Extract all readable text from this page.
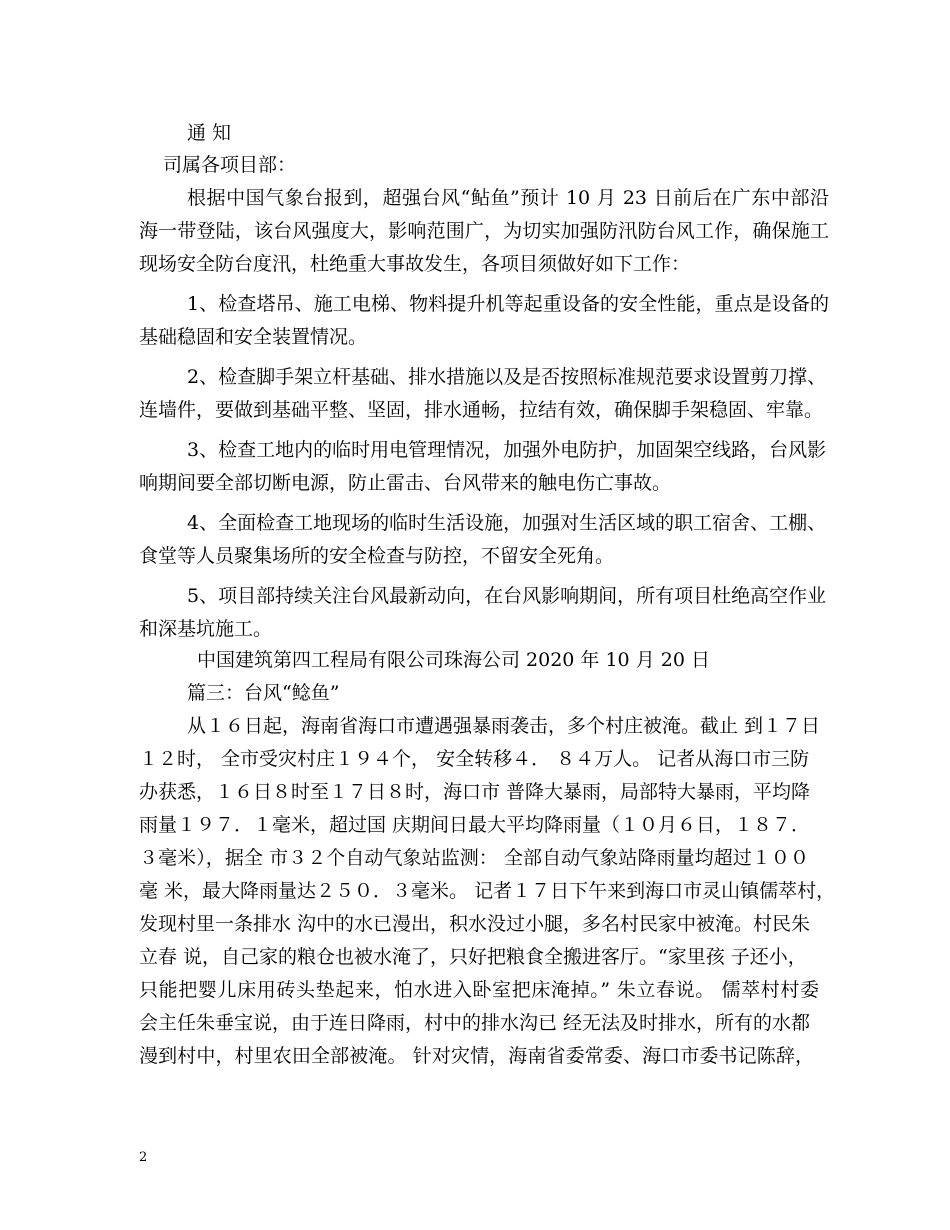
通 知
司属各项目部：
根据中国气象台报到，超强台风“鲇鱼”预计 10 月 23 日前后在广东中部沿
海一带登陆，该台风强度大，影响范围广，为切实加强防汛防台风工作，确保施工
现场安全防台度汛，杜绝重大事故发生，各项目须做好如下工作：
1、检查塔吊、施工电梯、物料提升机等起重设备的安全性能，重点是设备的
基础稳固和安全装置情况。
2、检查脚手架立杆基础、排水措施以及是否按照标准规范要求设置剪刀撑、
连墙件，要做到基础平整、坚固，排水通畅，拉结有效，确保脚手架稳固、牢靠。
3、检查工地内的临时用电管理情况，加强外电防护，加固架空线路，台风影
响期间要全部切断电源，防止雷击、台风带来的触电伤亡事故。
4、全面检查工地现场的临时生活设施，加强对生活区域的职工宿舍、工棚、
食堂等人员聚集场所的安全检查与防控，不留安全死角。
5、项目部持续关注台风最新动向，在台风影响期间，所有项目杜绝高空作业
和深基坑施工。
中国建筑第四工程局有限公司珠海公司 2020 年 10 月 20 日
篇三：台风“鲶鱼”
从１６日起，海南省海口市遭遇强暴雨袭击，多个村庄被淹。截止 到１７日
１２时， 全市受灾村庄１９４个， 安全转移４． ８４万人。 记者从海口市三防
办获悉，１６日８时至１７日８时，海口市 普降大暴雨，局部特大暴雨，平均降
雨量１９７．１毫米，超过国 庆期间日最大平均降雨量（１０月６日，１８７．
３毫米），据全 市３２个自动气象站监测： 全部自动气象站降雨量均超过１００
毫 米，最大降雨量达２５０．３毫米。 记者１７日下午来到海口市灵山镇儒萃村，
发现村里一条排水 沟中的水已漫出，积水没过小腿，多名村民家中被淹。村民朱
立春 说，自己家的粮仓也被水淹了，只好把粮食全搬进客厅。“家里孩 子还小，
只能把婴儿床用砖头垫起来，怕水进入卧室把床淹掉。” 朱立春说。 儒萃村村委
会主任朱垂宝说，由于连日降雨，村中的排水沟已 经无法及时排水，所有的水都
漫到村中，村里农田全部被淹。 针对灾情，海南省委常委、海口市委书记陈辞，
2
